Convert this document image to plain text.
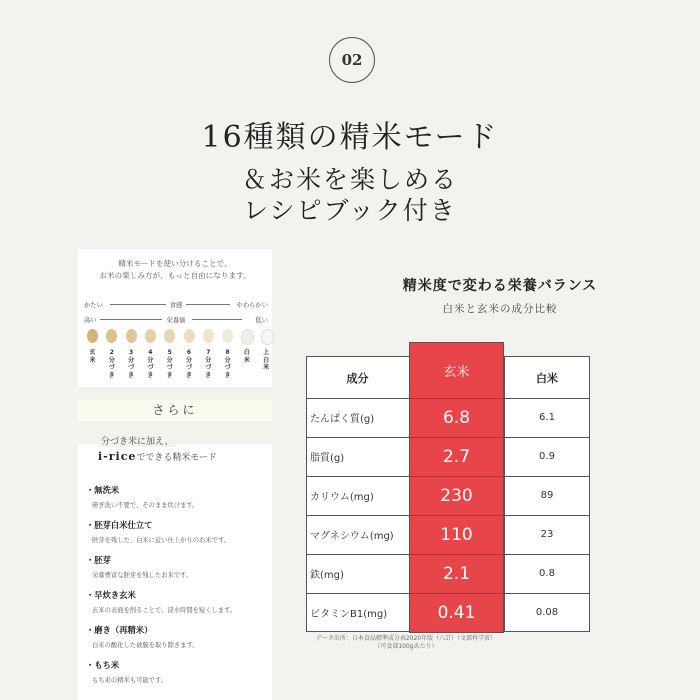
02
16種類の精米モード
＆お米を楽しめる
レシピブック付き
精米モードを使い分けることで、
お米の楽しみ方が、もっと自由になります。
かたい	食感	やわらかい
高い	栄養価	低い
玄
米
2
分
づ
き
3
分
づ
き
4
分
づ
き
5
分
づ
き
6
分
づ
き
7
分
づ
き
8
分
づ
き
白
米
上
白
米
さらに
分づき米に加え、
i-riceでできる精米モード
・無洗米
研ぎ洗い不要で、そのまま炊けます。
・胚芽白米仕立て
胚芽を残した、白米に近い仕上がりのお米です。
・胚芽
栄養豊富な胚芽を残したお米です。
・早炊き玄米
玄米の表面を削ることで、浸水時間を短くします。
・磨き（再精米）
白米の酸化した被膜を取り除きます。
・もち米
もち米の精米も可能です。
精米度で変わる栄養バランス
白米と玄米の成分比較
成分	玄米	白米
たんぱく質(g)	6.8	6.1
脂質(g)	2.7	0.9
カリウム(mg)	230	89
マグネシウム(mg)	110	23
鉄(mg)	2.1	0.8
ビタミンB1(mg)	0.41	0.08
データ出所：日本食品標準成分表2020年版（八訂）（文部科学省）
（可食部100gあたり）
